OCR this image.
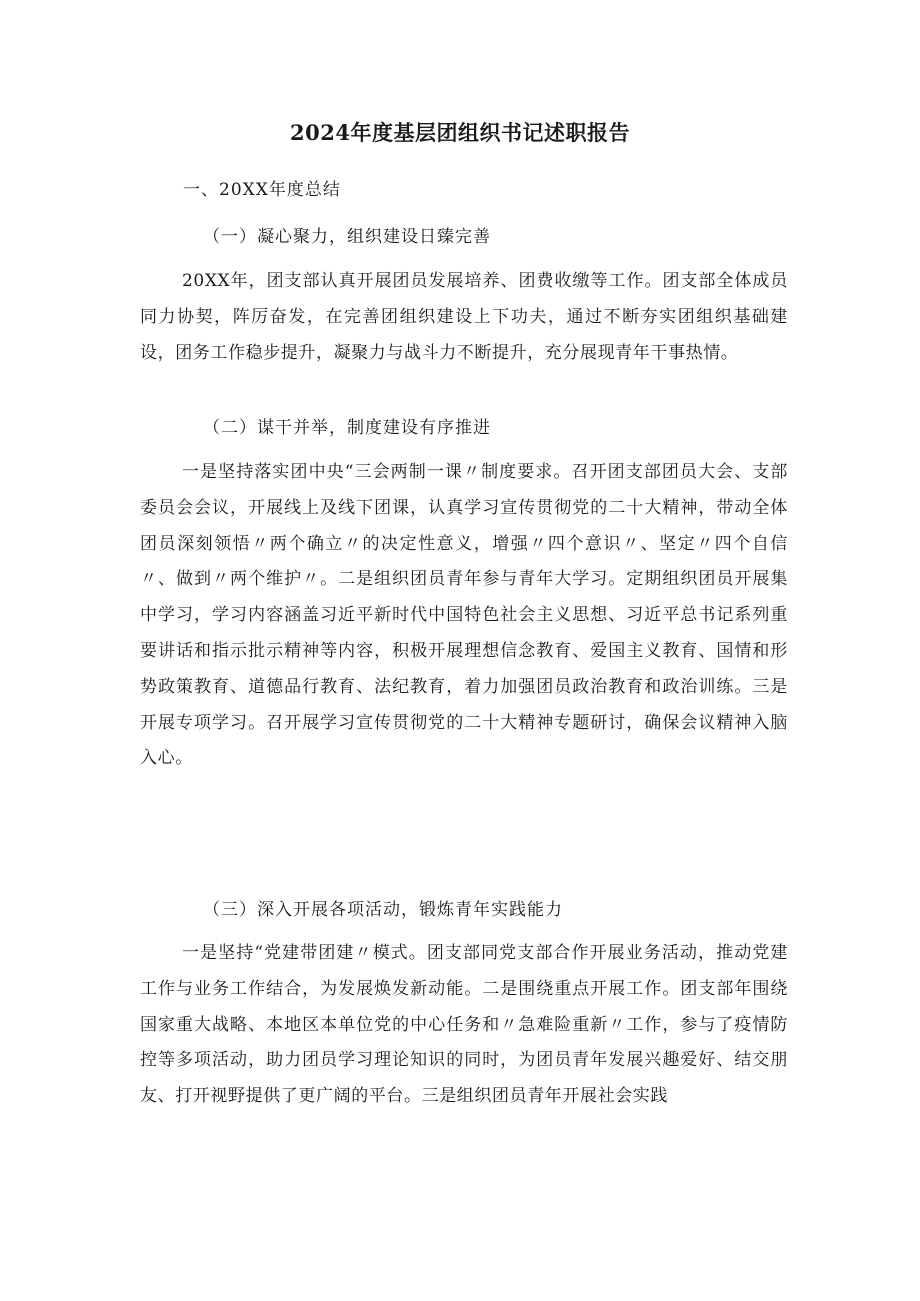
2024年度基层团组织书记述职报告

一、20XX年度总结

（一）凝心聚力，组织建设日臻完善

20XX年，团支部认真开展团员发展培养、团费收缴等工作。团支部全体成员同力协契，阵厉奋发，在完善团组织建设上下功夫，通过不断夯实团组织基础建设，团务工作稳步提升，凝聚力与战斗力不断提升，充分展现青年干事热情。

（二）谋干并举，制度建设有序推进

一是坚持落实团中央“三会两制一课〃制度要求。召开团支部团员大会、支部委员会会议，开展线上及线下团课，认真学习宣传贯彻党的二十大精神，带动全体团员深刻领悟〃两个确立〃的决定性意义，增强〃四个意识〃、坚定〃四个自信〃、做到〃两个维护〃。二是组织团员青年参与青年大学习。定期组织团员开展集中学习，学习内容涵盖习近平新时代中国特色社会主义思想、习近平总书记系列重要讲话和指示批示精神等内容，积极开展理想信念教育、爱国主义教育、国情和形势政策教育、道德品行教育、法纪教育，着力加强团员政治教育和政治训练。三是开展专项学习。召开展学习宣传贯彻党的二十大精神专题研讨，确保会议精神入脑入心。

（三）深入开展各项活动，锻炼青年实践能力

一是坚持“党建带团建〃模式。团支部同党支部合作开展业务活动，推动党建工作与业务工作结合，为发展焕发新动能。二是围绕重点开展工作。团支部年围绕国家重大战略、本地区本单位党的中心任务和〃急难险重新〃工作，参与了疫情防控等多项活动，助力团员学习理论知识的同时，为团员青年发展兴趣爱好、结交朋友、打开视野提供了更广阔的平台。三是组织团员青年开展社会实践
